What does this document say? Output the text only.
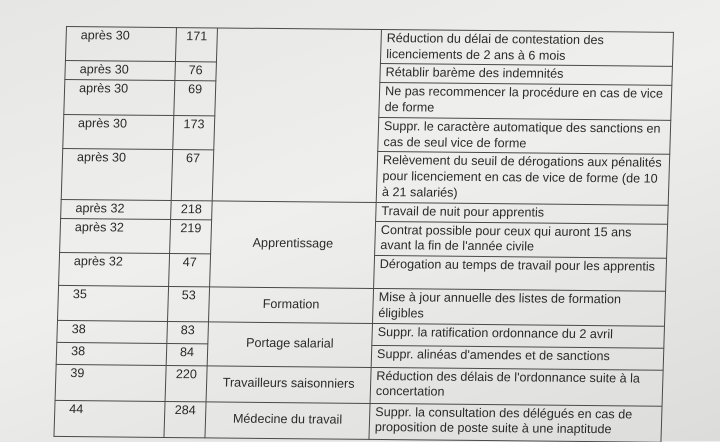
après 30	171		Réduction du délai de contestation des licenciements de 2 ans à 6 mois
après 30	76		Rétablir barème des indemnités
après 30	69		Ne pas recommencer la procédure en cas de vice de forme
après 30	173		Suppr. le caractère automatique des sanctions en cas de seul vice de forme
après 30	67		Relèvement du seuil de dérogations aux pénalités pour licenciement en cas de vice de forme (de 10 à 21 salariés)
après 32	218	Apprentissage	Travail de nuit pour apprentis
après 32	219		Contrat possible pour ceux qui auront 15 ans avant la fin de l'année civile
après 32	47		Dérogation au temps de travail pour les apprentis
35	53	Formation	Mise à jour annuelle des listes de formation éligibles
38	83	Portage salarial	Suppr. la ratification ordonnance du 2 avril
38	84		Suppr. alinéas d'amendes et de sanctions
39	220	Travailleurs saisonniers	Réduction des délais de l'ordonnance suite à la concertation
44	284	Médecine du travail	Suppr. la consultation des délégués en cas de proposition de poste suite à une inaptitude
